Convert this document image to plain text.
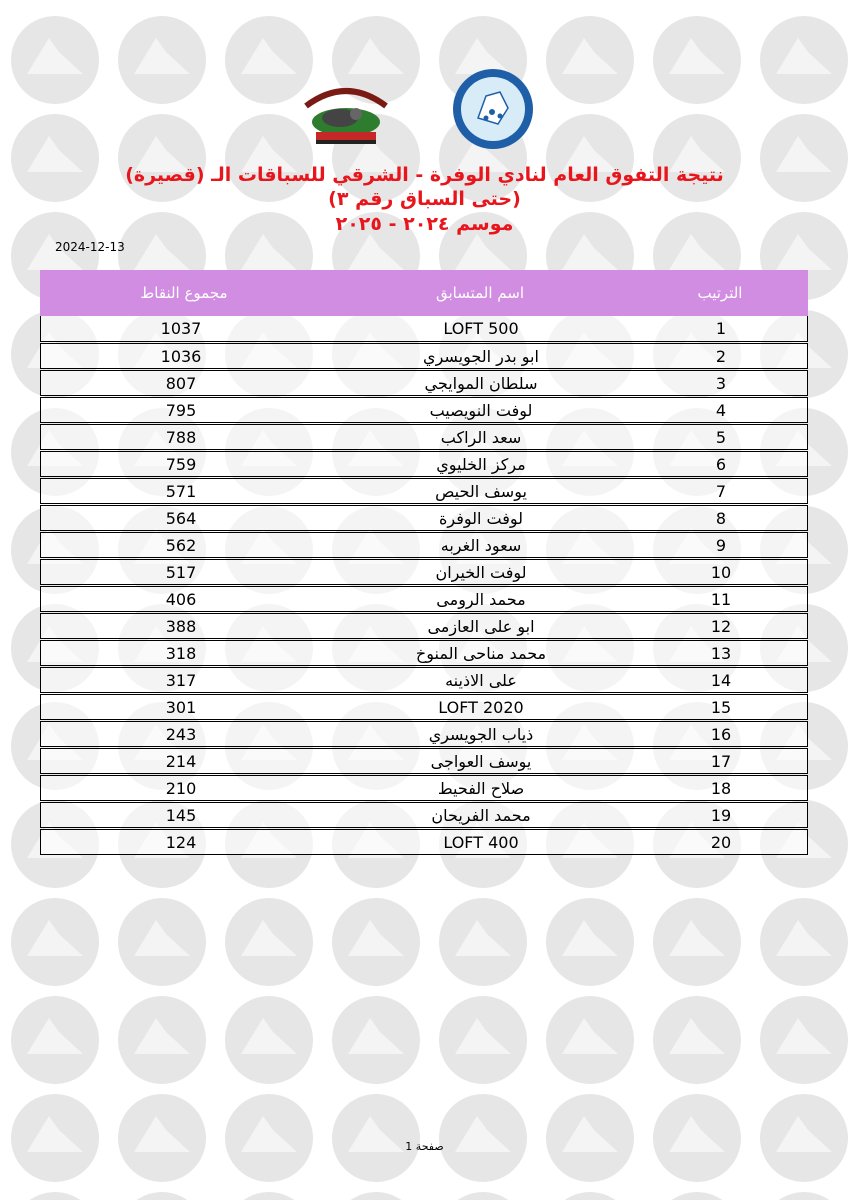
نتيجة التفوق العام لنادي الوفرة - الشرقي للسباقات الـ (قصيرة)
(حتى السباق رقم ٣)
موسم ٢٠٢٤ - ٢٠٢٥
2024-12-13
مجموع النقاط	اسم المتسابق	الترتيب
1037	LOFT 500	1
1036	ابو بدر الجويسري	2
807	سلطان الموايجي	3
795	لوفت النويصيب	4
788	سعد الراكب	5
759	مركز الخليوي	6
571	يوسف الحيص	7
564	لوفت الوفرة	8
562	سعود الغربه	9
517	لوفت الخيران	10
406	محمد الرومى	11
388	ابو على العازمى	12
318	محمد مناحى المنوخ	13
317	على الاذينه	14
301	LOFT 2020	15
243	ذياب الجويسري	16
214	يوسف العواجى	17
210	صلاح الفحيط	18
145	محمد الفريحان	19
124	LOFT 400	20
صفحة 1
